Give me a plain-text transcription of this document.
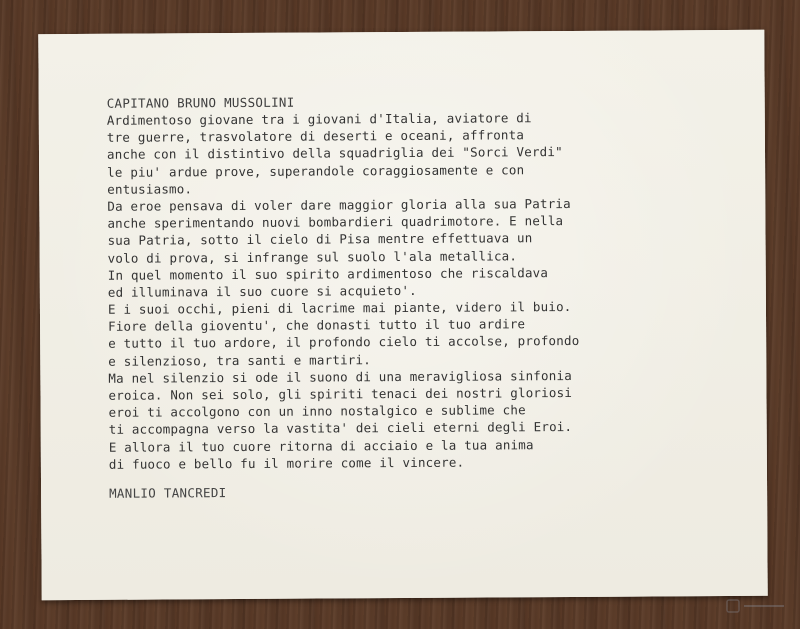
CAPITANO BRUNO MUSSOLINI
Ardimentoso giovane tra i giovani d'Italia, aviatore di
tre guerre, trasvolatore di deserti e oceani, affronta
anche con il distintivo della squadriglia dei "Sorci Verdi"
le piu' ardue prove, superandole coraggiosamente e con
entusiasmo.
Da eroe pensava di voler dare maggior gloria alla sua Patria
anche sperimentando nuovi bombardieri quadrimotore. E nella
sua Patria, sotto il cielo di Pisa mentre effettuava un
volo di prova, si infrange sul suolo l'ala metallica.
In quel momento il suo spirito ardimentoso che riscaldava
ed illuminava il suo cuore si acquieto'.
E i suoi occhi, pieni di lacrime mai piante, videro il buio.
Fiore della gioventu', che donasti tutto il tuo ardire
e tutto il tuo ardore, il profondo cielo ti accolse, profondo
e silenzioso, tra santi e martiri.
Ma nel silenzio si ode il suono di una meravigliosa sinfonia
eroica. Non sei solo, gli spiriti tenaci dei nostri gloriosi
eroi ti accolgono con un inno nostalgico e sublime che
ti accompagna verso la vastita' dei cieli eterni degli Eroi.
E allora il tuo cuore ritorna di acciaio e la tua anima
di fuoco e bello fu il morire come il vincere.
MANLIO TANCREDI
